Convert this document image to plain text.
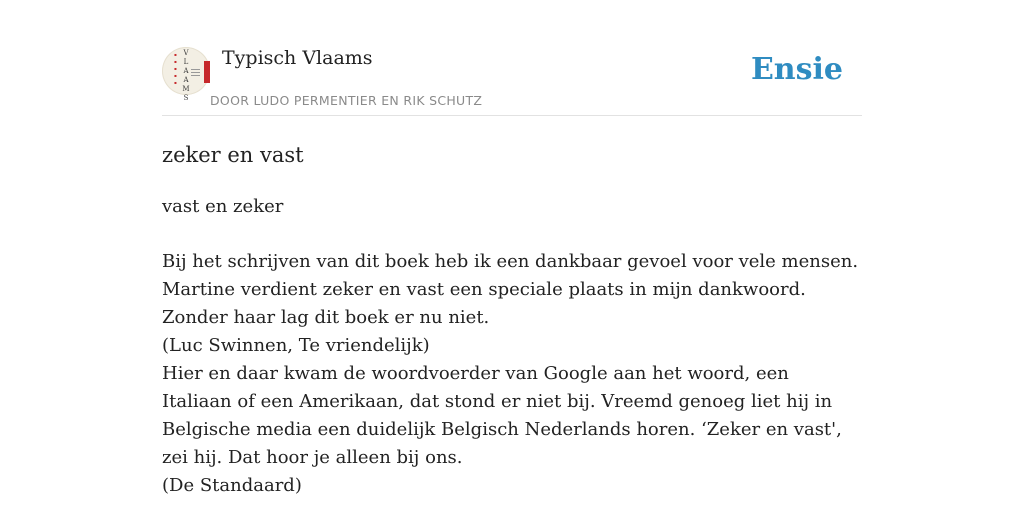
▪
▪
▪
▪
▪
V
L
A
A
M
S
Typisch Vlaams
DOOR LUDO PERMENTIER EN RIK SCHUTZ
Ensie
zeker en vast
vast en zeker

Bij het schrijven van dit boek heb ik een dankbaar gevoel voor vele mensen. Martine verdient zeker en vast een speciale plaats in mijn dankwoord. Zonder haar lag dit boek er nu niet.

(Luc Swinnen, Te vriendelijk)

Hier en daar kwam de woordvoerder van Google aan het woord, een Italiaan of een Amerikaan, dat stond er niet bij. Vreemd genoeg liet hij in Belgische media een duidelijk Belgisch Nederlands horen. ‘Zeker en vast', zei hij. Dat hoor je alleen bij ons.

(De Standaard)
